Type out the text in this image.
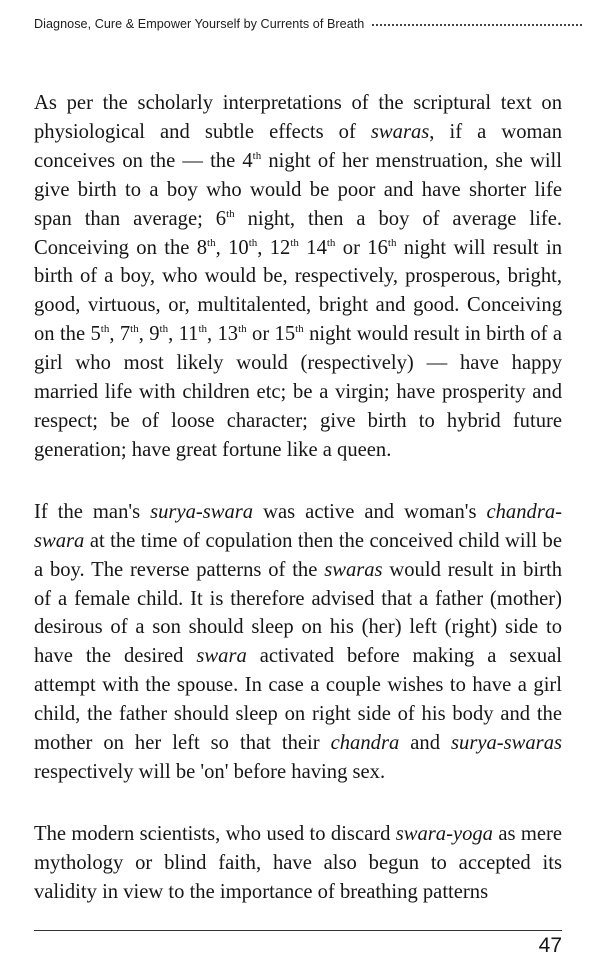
Diagnose, Cure & Empower Yourself by Currents of Breath

As per the scholarly interpretations of the scriptural text on physiological and subtle effects of swaras, if a woman conceives on the — the 4th night of her menstruation, she will give birth to a boy who would be poor and have shorter life span than average; 6th night, then a boy of average life. Conceiving on the 8th, 10th, 12th 14th or 16th night will result in birth of a boy, who would be, respectively, prosperous, bright, good, virtuous, or, multitalented, bright and good. Conceiving on the 5th, 7th, 9th, 11th, 13th or 15th night would result in birth of a girl who most likely would (respectively) — have happy married life with children etc; be a virgin; have prosperity and respect; be of loose character; give birth to hybrid future generation; have great fortune like a queen.

If the man's surya-swara was active and woman's chandra-swara at the time of copulation then the conceived child will be a boy. The reverse patterns of the swaras would result in birth of a female child. It is therefore advised that a father (mother) desirous of a son should sleep on his (her) left (right) side to have the desired swara activated before making a sexual attempt with the spouse. In case a couple wishes to have a girl child, the father should sleep on right side of his body and the mother on her left so that their chandra and surya-swaras respectively will be 'on' before having sex.

The modern scientists, who used to discard swara-yoga as mere mythology or blind faith, have also begun to accepted its validity in view to the importance of breathing patterns

47
